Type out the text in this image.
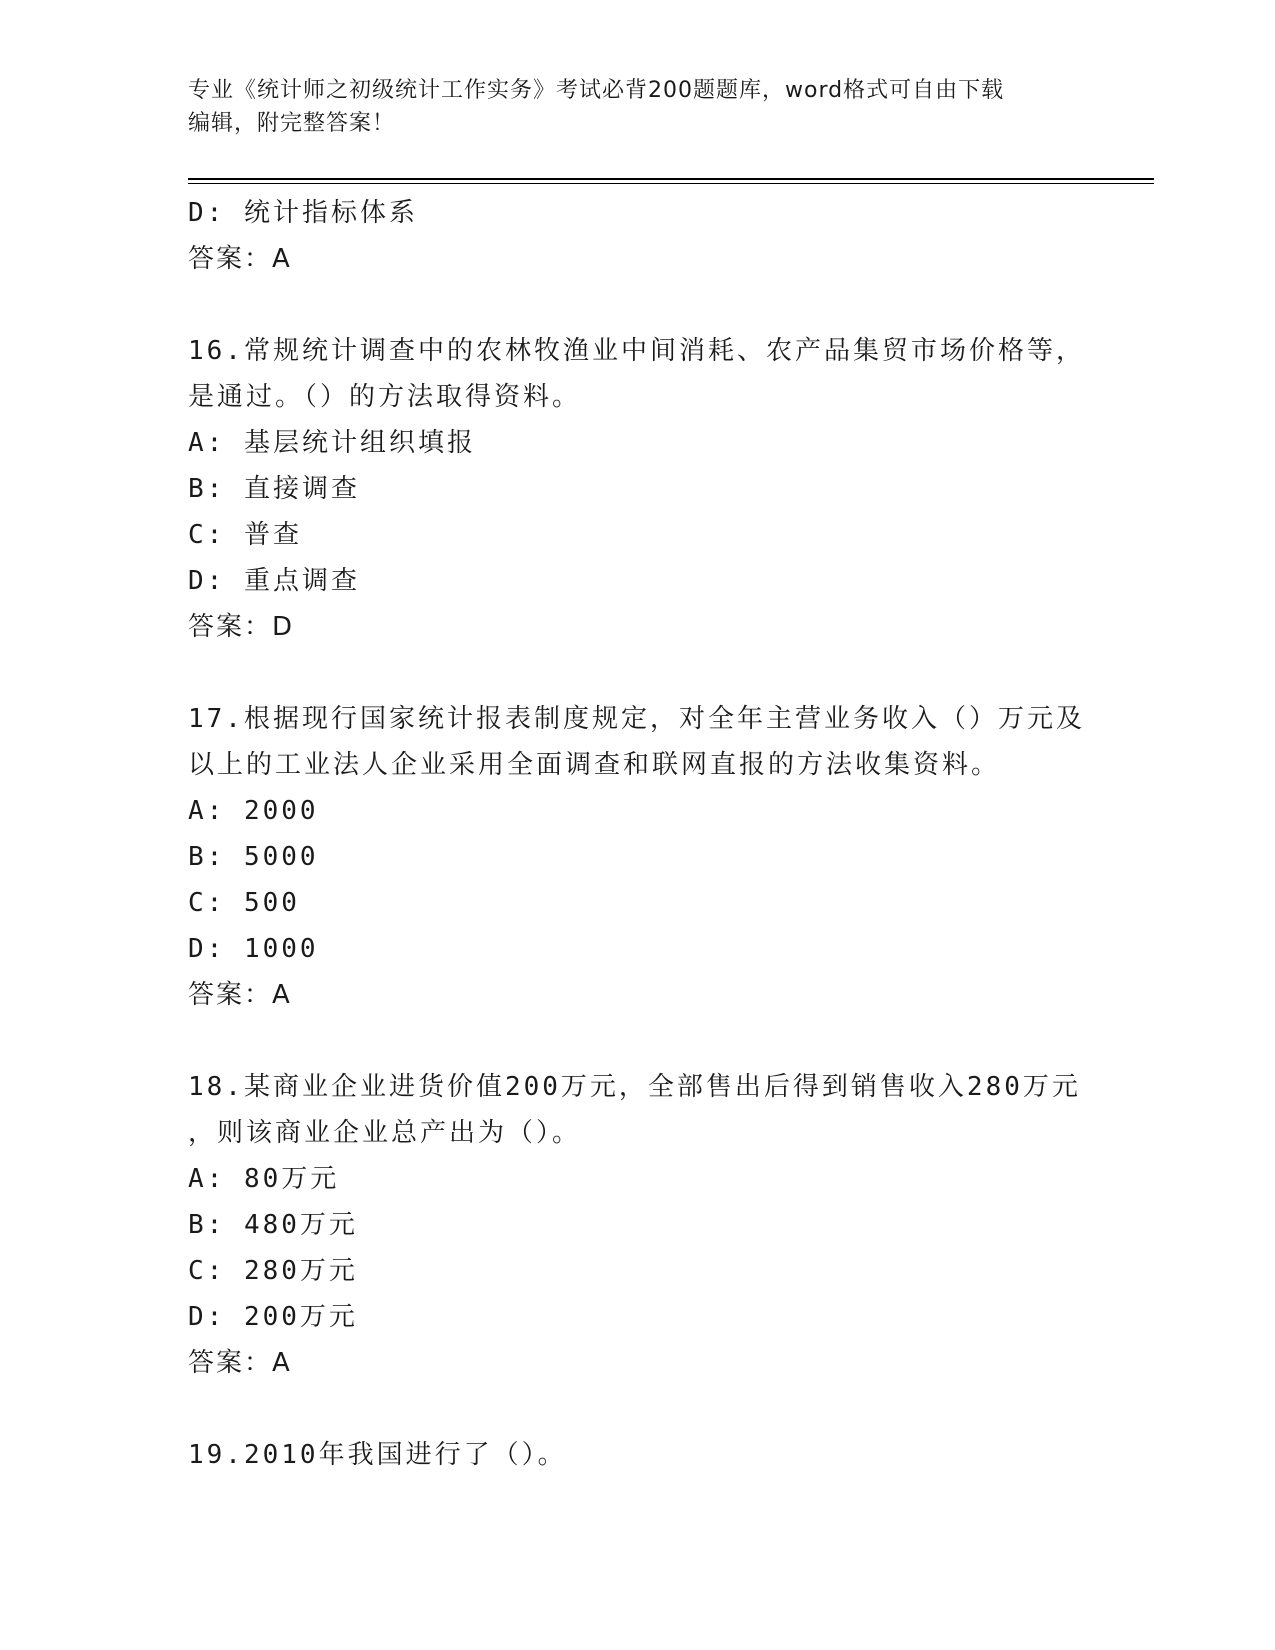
专业《统计师之初级统计工作实务》考试必背200题题库，word格式可自由下载
编辑，附完整答案！
D: 统计指标体系
答案：A
16.常规统计调查中的农林牧渔业中间消耗、农产品集贸市场价格等，
是通过。（）的方法取得资料。
A: 基层统计组织填报
B: 直接调查
C: 普查
D: 重点调查
答案：D
17.根据现行国家统计报表制度规定，对全年主营业务收入（）万元及
以上的工业法人企业采用全面调查和联网直报的方法收集资料。
A: 2000
B: 5000
C: 500
D: 1000
答案：A
18.某商业企业进货价值200万元，全部售出后得到销售收入280万元
，则该商业企业总产出为（）。
A: 80万元
B: 480万元
C: 280万元
D: 200万元
答案：A
19.2010年我国进行了（）。
